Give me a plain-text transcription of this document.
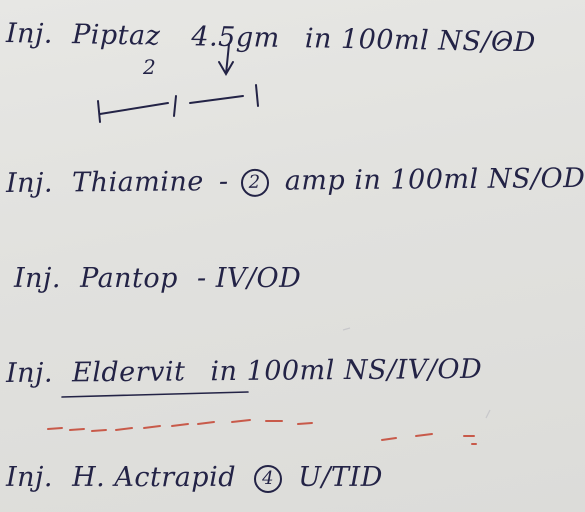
Inj. Piptaz 4.5gm in 100ml NS/OD
2
Inj. Thiamine - 2 amp in 100ml NS/OD
Inj. Pantop - IV/OD
Inj. Eldervit in 100ml NS/IV/OD
Inj. H. Actrapid 4 U/TID
